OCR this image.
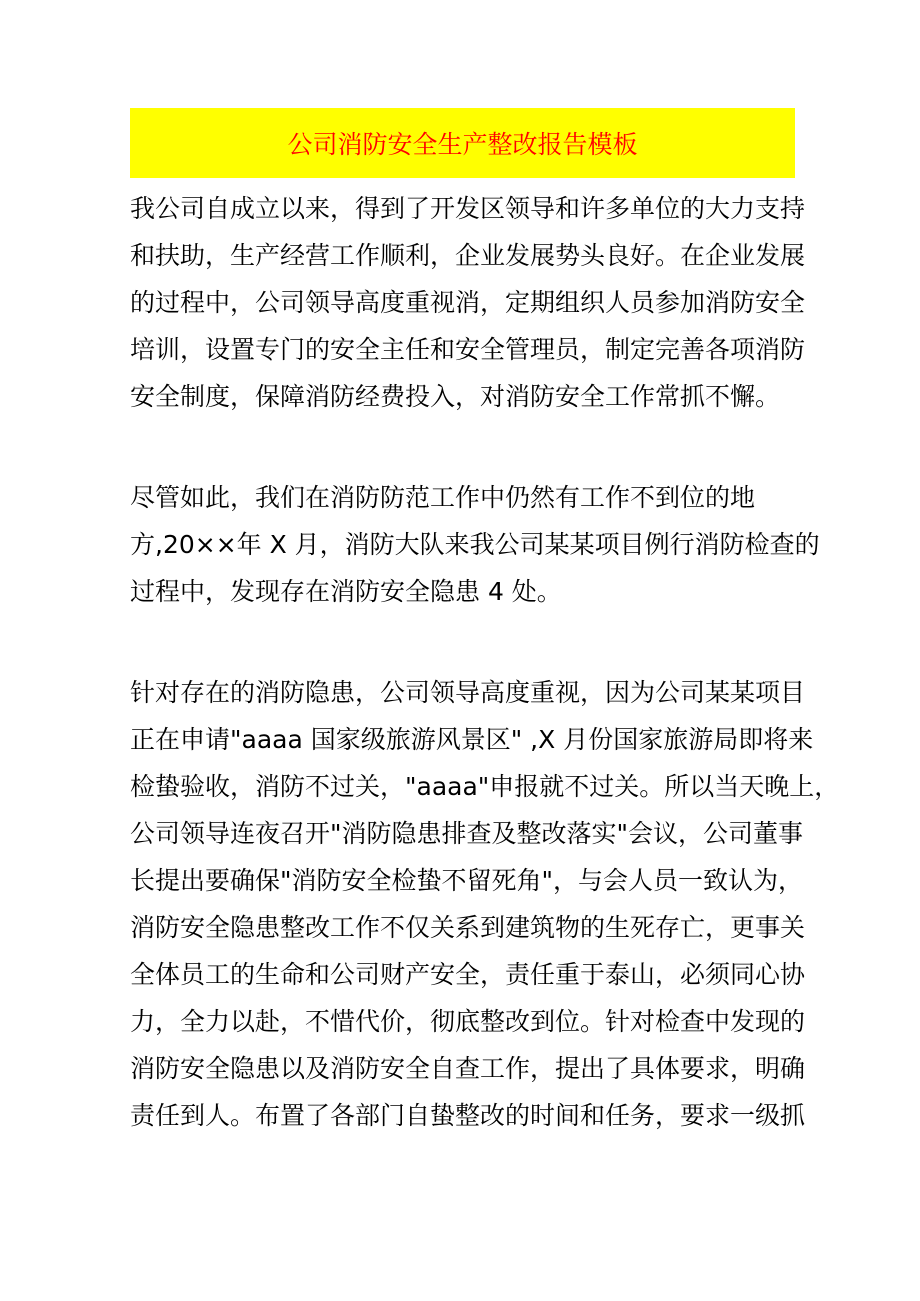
公司消防安全生产整改报告模板
我公司自成立以来，得到了开发区领导和许多单位的大力支持
和扶助，生产经营工作顺利，企业发展势头良好。在企业发展
的过程中，公司领导高度重视消，定期组织人员参加消防安全
培训，设置专门的安全主任和安全管理员，制定完善各项消防
安全制度，保障消防经费投入，对消防安全工作常抓不懈。
尽管如此，我们在消防防范工作中仍然有工作不到位的地
方,20××年 X 月，消防大队来我公司某某项目例行消防检查的
过程中，发现存在消防安全隐患 4 处。
针对存在的消防隐患，公司领导高度重视，因为公司某某项目
正在申请"aaaa 国家级旅游风景区" ,X 月份国家旅游局即将来
检蛰验收，消防不过关，"aaaa"申报就不过关。所以当天晚上，
公司领导连夜召开"消防隐患排查及整改落实"会议，公司董事
长提出要确保"消防安全检蛰不留死角"，与会人员一致认为，
消防安全隐患整改工作不仅关系到建筑物的生死存亡，更事关
全体员工的生命和公司财产安全，责任重于泰山，必须同心协
力，全力以赴，不惜代价，彻底整改到位。针对检查中发现的
消防安全隐患以及消防安全自查工作，提出了具体要求，明确
责任到人。布置了各部门自蛰整改的时间和任务，要求一级抓
